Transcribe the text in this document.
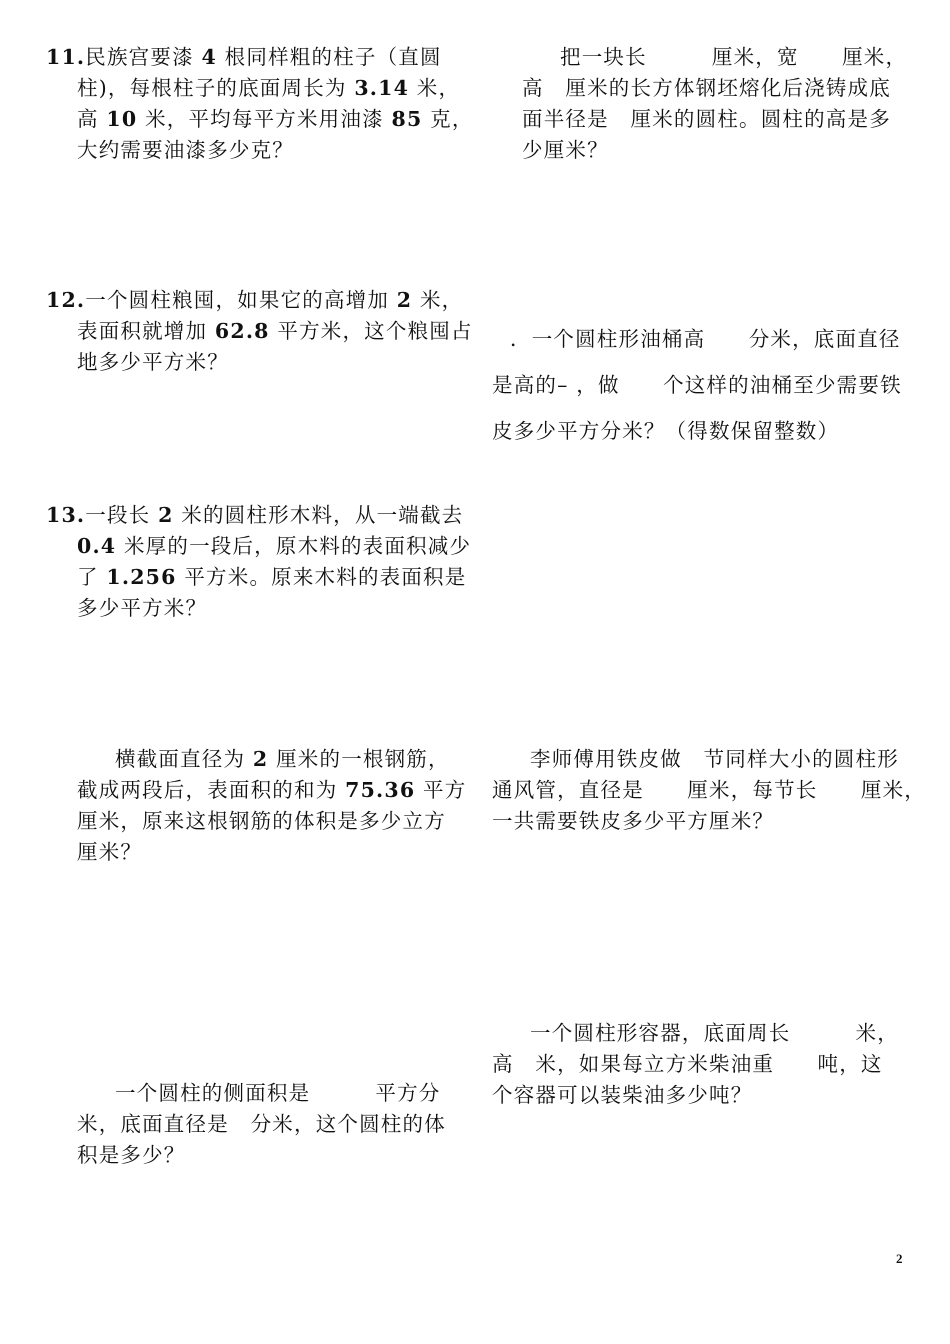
11.民族宫要漆 4 根同样粗的柱子（直圆
柱)，每根柱子的底面周长为 3.14 米，
高 10 米，平均每平方米用油漆 85 克，
大约需要油漆多少克？
12.一个圆柱粮囤，如果它的高增加 2 米，
表面积就增加 62.8 平方米，这个粮囤占
地多少平方米？
13.一段长 2 米的圆柱形木料，从一端截去
0.4 米厚的一段后，原木料的表面积减少
了 1.256 平方米。原来木料的表面积是
多少平方米？
横截面直径为 2 厘米的一根钢筋，
截成两段后，表面积的和为 75.36 平方
厘米，原来这根钢筋的体积是多少立方
厘米？
一个圆柱的侧面积是　　　平方分
米，底面直径是　分米，这个圆柱的体
积是多少？
把一块长　　　厘米，宽　　厘米，
高　厘米的长方体钢坯熔化后浇铸成底
面半径是　厘米的圆柱。圆柱的高是多
少厘米？
．一个圆柱形油桶高　　分米，底面直径
是高的– ，做　　个这样的油桶至少需要铁
皮多少平方分米？（得数保留整数）
李师傅用铁皮做　节同样大小的圆柱形
通风管，直径是　　厘米，每节长　　厘米，
一共需要铁皮多少平方厘米？
一个圆柱形容器，底面周长　　　米，
高　米，如果每立方米柴油重　　吨，这
个容器可以装柴油多少吨？
2
